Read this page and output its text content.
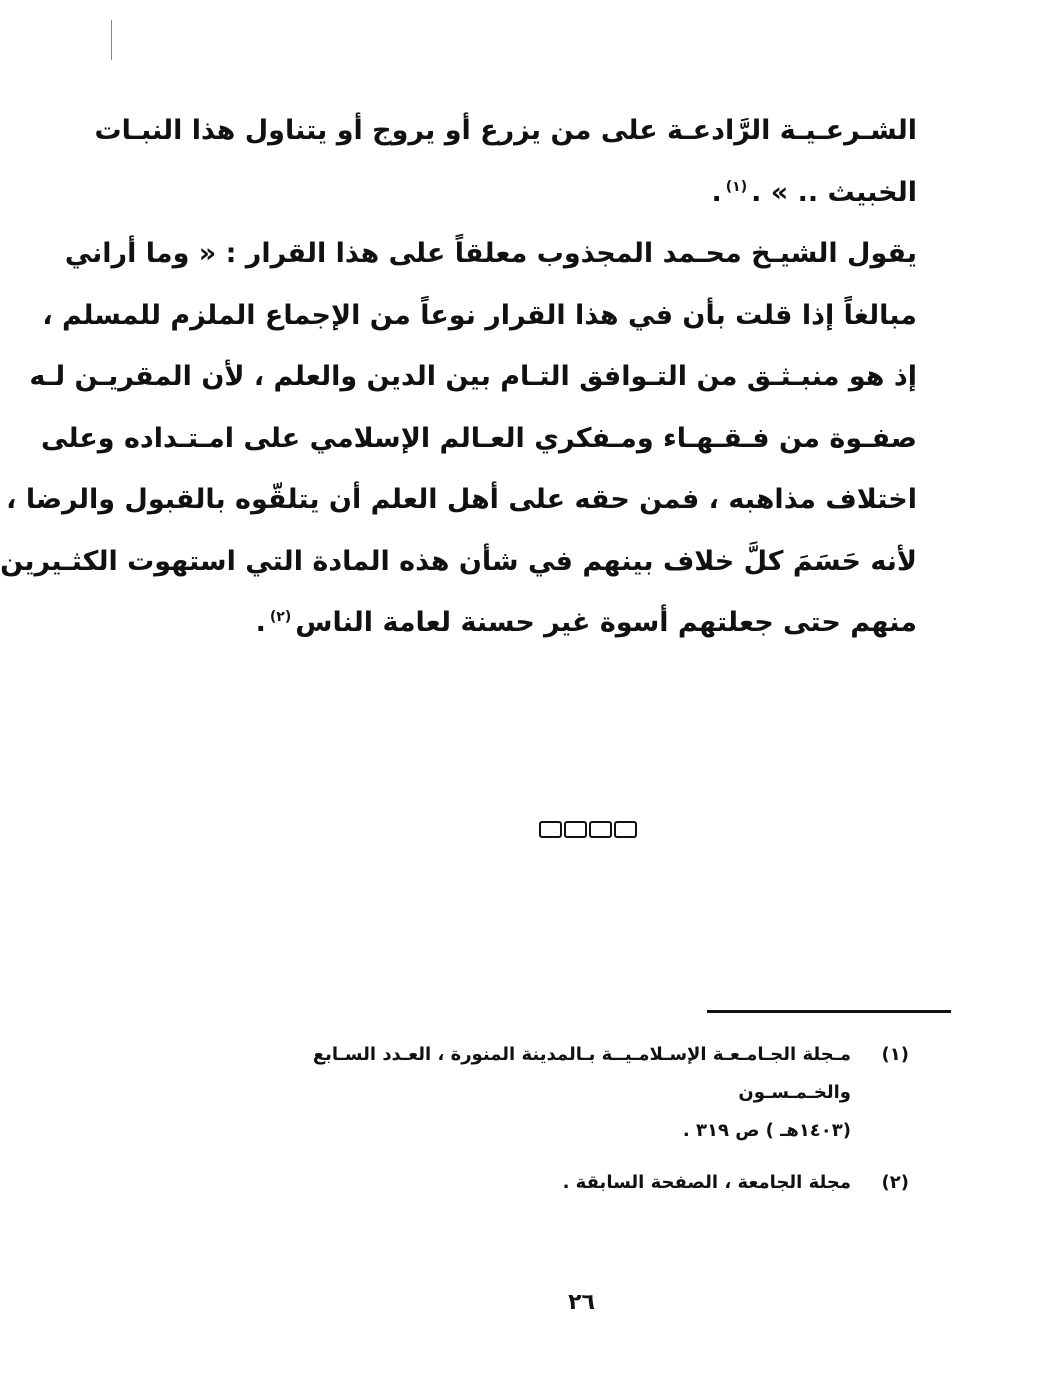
الشـرعـيـة الرَّادعـة على من يزرع أو يروج أو يتناول هذا النبـات
الخبيث .. » .$^{(١)}$.
يقول الشيـخ محـمد المجذوب معلقاً على هذا القرار : « وما أراني
مبالغاً إذا قلت بأن في هذا القرار نوعاً من الإجماع الملزم للمسلم ،
إذ هو منبـثـق من التـوافق التـام بين الدين والعلم ، لأن المقريـن لـه
صفـوة من فـقـهـاء ومـفكري العـالم الإسلامي على امـتـداده وعلى
اختلاف مذاهبه ، فمن حقه على أهل العلم أن يتلقّوه بالقبول والرضا ،
لأنه حَسَمَ كلَّ خلاف بينهم في شأن هذه المادة التي استهوت الكثـيرين
منهم حتى جعلتهم أسوة غير حسنة لعامة الناس$^{(٢)}$.
(١)
مـجلة الجـامـعـة الإسـلامـيــة بـالمدينة المنورة ، العـدد السـابع والخـمـسـون
(١٤٠٣هـ ) ص ٣١٩ .
(٢)
مجلة الجامعة ، الصفحة السابقة .
٢٦
